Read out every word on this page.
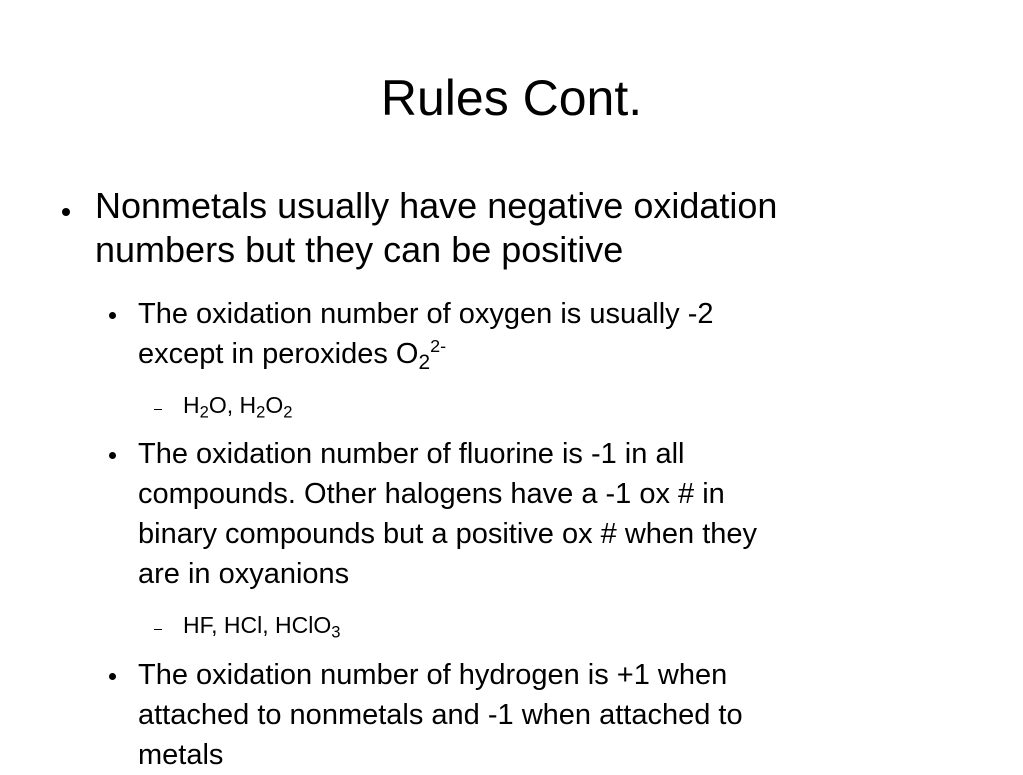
Rules Cont.
Nonmetals usually have negative oxidation
numbers but they can be positive
The oxidation number of oxygen is usually -2
except in peroxides $O_2^{2-}$
$H_2O$, $H_2O_2$
The oxidation number of fluorine is -1 in all
compounds. Other halogens have a -1 ox # in
binary compounds but a positive ox # when they
are in oxyanions
HF, HCl, HClO$_3$
The oxidation number of hydrogen is +1 when
attached to nonmetals and -1 when attached to
metals
